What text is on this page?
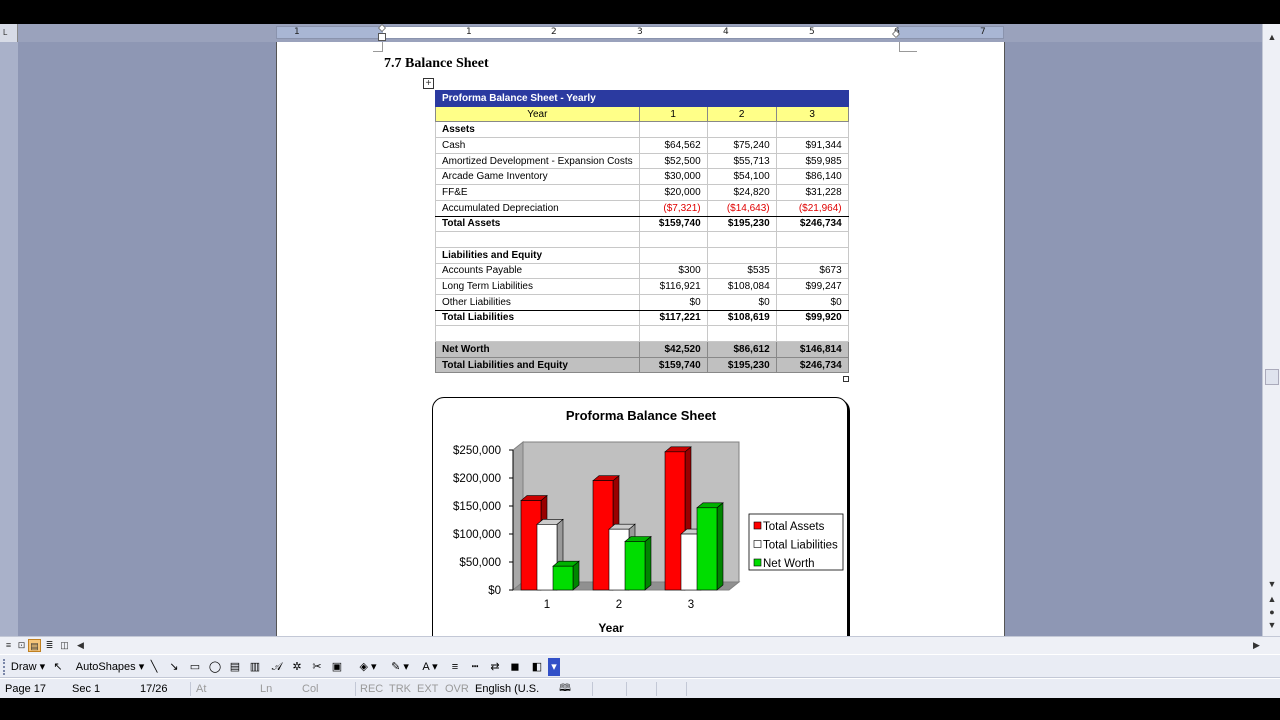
L	1	1	2	3	4	5	7
7.7 Balance Sheet
+
Proforma Balance Sheet - Yearly			
Year	1	2	3
Assets			
Cash	$64,562	$75,240	$91,344
Amortized Development - Expansion Costs	$52,500	$55,713	$59,985
Arcade Game Inventory	$30,000	$54,100	$86,140
FF&E	$20,000	$24,820	$31,228
Accumulated Depreciation	($7,321)	($14,643)	($21,964)
Total Assets	$159,740	$195,230	$246,734

Liabilities and Equity			
Accounts Payable	$300	$535	$673
Long Term Liabilities	$116,921	$108,084	$99,247
Other Liabilities	$0	$0	$0
Total Liabilities	$117,221	$108,619	$99,920

Net Worth	$42,520	$86,612	$146,814
Total Liabilities and Equity	$159,740	$195,230	$246,734
Proforma Balance Sheet
$0
$50,000
$100,000
$150,000
$200,000
$250,000
1	2	3
Year
Total Assets
Total Liabilities
Net Worth
▲
▼
▲
●
▼
≡ ⊡ ▤ ≣ ◫ ◀	▶
Draw ▾ ↖	AutoShapes ▾ ╲	↘	▭ ◯ ▤ ▥	𝒜 ✲ ✂ ▣	◈ ▾	✎ ▾	A ▾	≡	┅	⇄ ◼	◧ ▾
Page 17 Sec 1	17/26	At	Ln	Col	REC TRK EXT OVR English (U.S.	🕮
